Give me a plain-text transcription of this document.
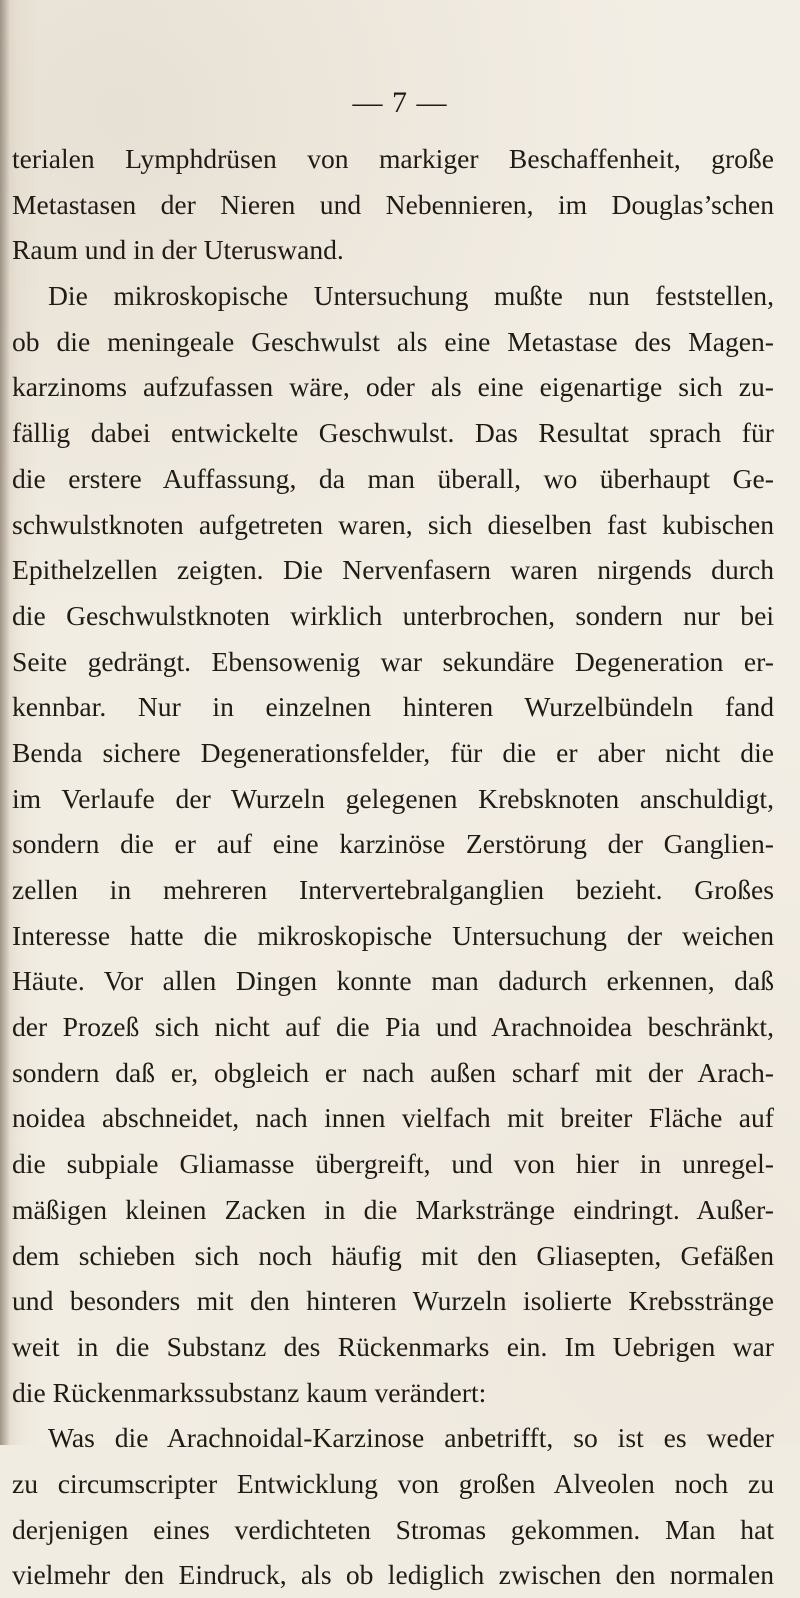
— 7 —
terialen Lymphdrüsen von markiger Beschaffenheit, große
Metastasen der Nieren und Nebennieren, im Douglas’schen
Raum und in der Uteruswand.
Die mikroskopische Untersuchung mußte nun feststellen,
ob die meningeale Geschwulst als eine Metastase des Magen-
karzinoms aufzufassen wäre, oder als eine eigenartige sich zu-
fällig dabei entwickelte Geschwulst. Das Resultat sprach für
die erstere Auffassung, da man überall, wo überhaupt Ge-
schwulstknoten aufgetreten waren, sich dieselben fast kubischen
Epithelzellen zeigten. Die Nervenfasern waren nirgends durch
die Geschwulstknoten wirklich unterbrochen, sondern nur bei
Seite gedrängt. Ebensowenig war sekundäre Degeneration er-
kennbar. Nur in einzelnen hinteren Wurzelbündeln fand
Benda sichere Degenerationsfelder, für die er aber nicht die
im Verlaufe der Wurzeln gelegenen Krebsknoten anschuldigt,
sondern die er auf eine karzinöse Zerstörung der Ganglien-
zellen in mehreren Intervertebralganglien bezieht. Großes
Interesse hatte die mikroskopische Untersuchung der weichen
Häute. Vor allen Dingen konnte man dadurch erkennen, daß
der Prozeß sich nicht auf die Pia und Arachnoidea beschränkt,
sondern daß er, obgleich er nach außen scharf mit der Arach-
noidea abschneidet, nach innen vielfach mit breiter Fläche auf
die subpiale Gliamasse übergreift, und von hier in unregel-
mäßigen kleinen Zacken in die Markstränge eindringt. Außer-
dem schieben sich noch häufig mit den Gliasepten, Gefäßen
und besonders mit den hinteren Wurzeln isolierte Krebsstränge
weit in die Substanz des Rückenmarks ein. Im Uebrigen war
die Rückenmarkssubstanz kaum verändert:
Was die Arachnoidal-Karzinose anbetrifft, so ist es weder
zu circumscripter Entwicklung von großen Alveolen noch zu
derjenigen eines verdichteten Stromas gekommen. Man hat
vielmehr den Eindruck, als ob lediglich zwischen den normalen
